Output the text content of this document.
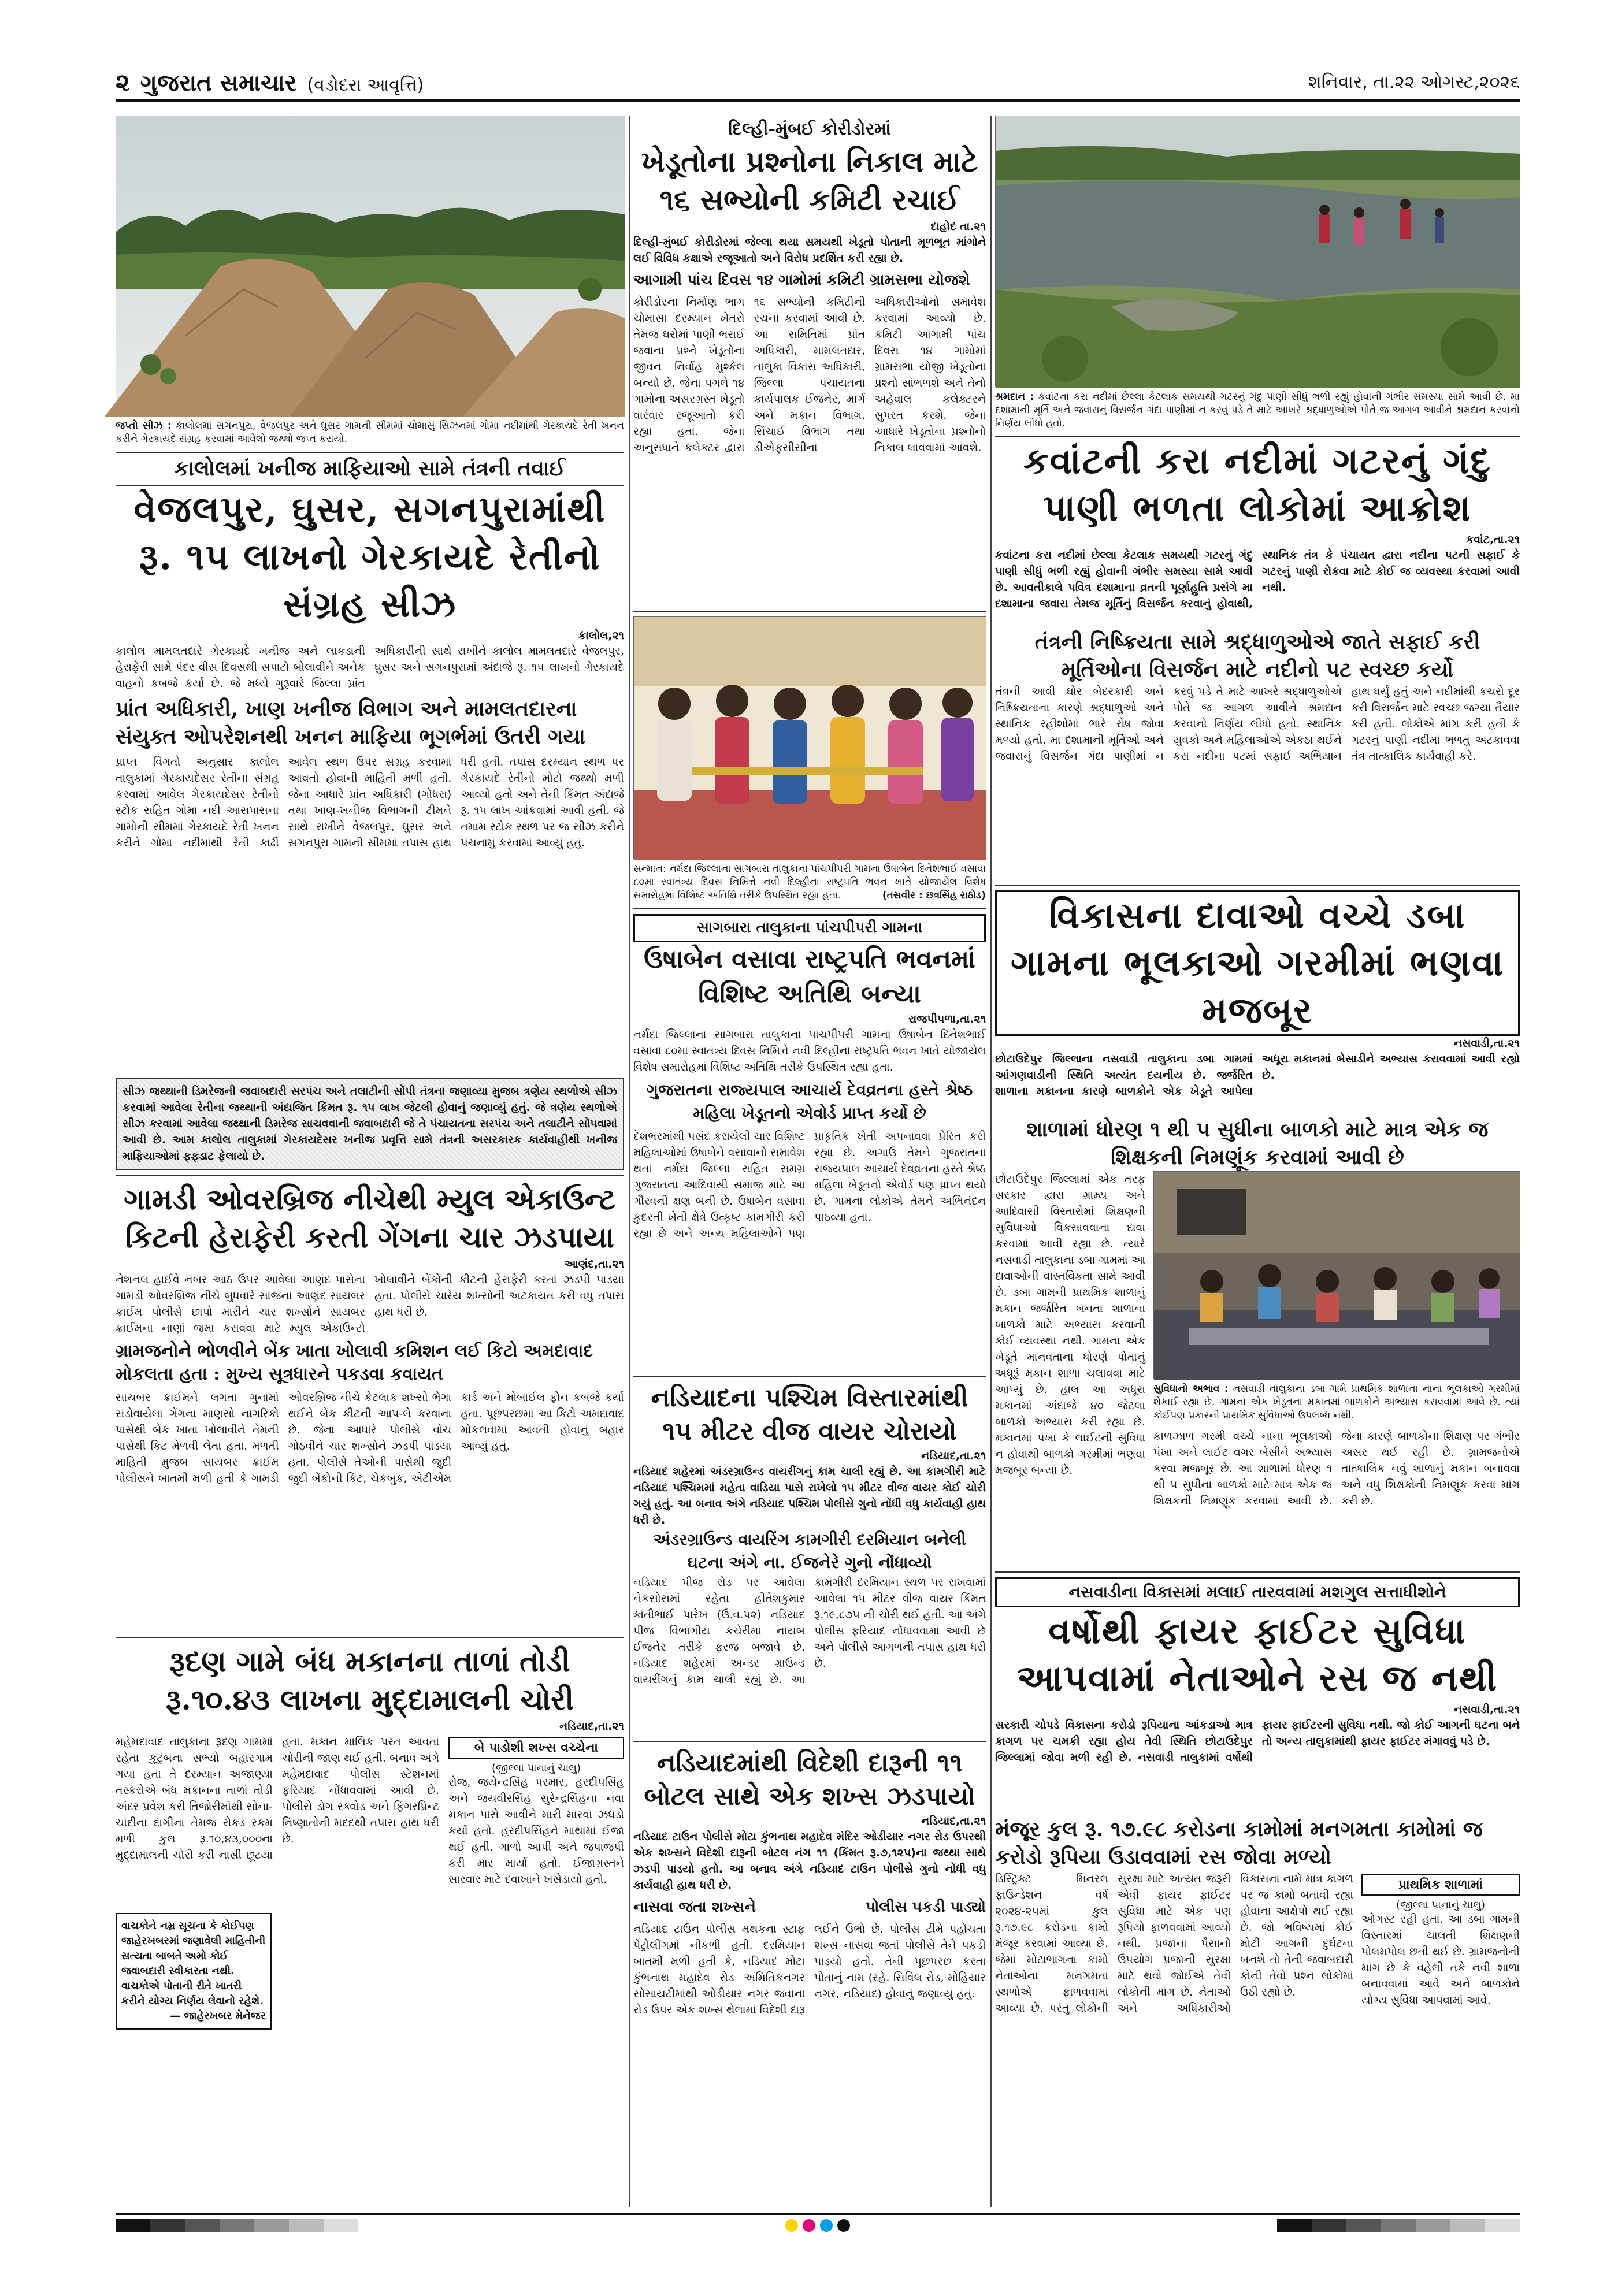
૨ ગુજરાત સમાચાર (વડોદરા આવૃત્તિ)	શનિવાર, તા.૨૨ ઓગસ્ટ,૨૦૨૬
જપ્તો સીઝ : કાલોલમાં સગનપુરા, વેજલપુર અને ઘુસર ગામની સીમમાં ચોમાસું સિઝનમાં ગોમા નદીમાંથી ગેરકાયદે રેતી ખનન કરીને ગેરકાયદે સંગ્રહ કરવામાં આવેલો જથ્થો જપ્ત કરાયો.
કાલોલમાં ખનીજ માફિયાઓ સામે તંત્રની તવાઈ
વેજલપુર, ઘુસર, સગનપુરામાંથી રૂ. ૧૫ લાખનો ગેરકાયદે રેતીનો સંગ્રહ સીઝ
કાલોલ,૨૧
કાલોલ મામલતદારે ગેરકાયદે ખનીજ અને લાકડાની હેરાફેરી સામે પંદર વીસ દિવસથી સપાટો બોલાવીને અનેક વાહનો કબજે કર્યા છે. જે મધ્યે ગુરૂવારે જિલ્લા પ્રાંત અધિકારીની સાથે રાખીને કાલોલ મામલતદારે વેજલપુર, ઘુસર અને સગનપુરામાં અંદાજે રૂ. ૧૫ લાખનો ગેરકાયદે
પ્રાંત અધિકારી, ખાણ ખનીજ વિભાગ અને મામલતદારના સંયુક્ત ઓપરેશનથી ખનન માફિયા ભૂગર્ભમાં ઉતરી ગયા
પ્રાપ્ત વિગતો અનુસાર કાલોલ તાલુકામાં ગેરકાયદેસર રેતીના સંગ્રહ કરવામાં આવેલ ગેરકાયદેસર રેતીનો સ્ટોક સહિત ગોમા નદી આસપાસના ગામોની સીમમાં ગેરકાયદે રેતી ખનન કરીને ગોમા નદીમાંથી રેતી કાઢી આવેલ સ્થળ ઉપર સંગ્રહ કરવામાં આવતો હોવાની માહિતી મળી હતી. જેના આધારે પ્રાંત અધિકારી (ગોધરા) તથા ખાણ-ખનીજ વિભાગની ટીમને સાથે રાખીને વેજલપુર, ઘુસર અને સગનપુરા ગામની સીમમાં તપાસ હાથ ધરી હતી. તપાસ દરમ્યાન સ્થળ પર ગેરકાયદે રેતીનો મોટો જથ્થો મળી આવ્યો હતો અને તેની કિંમત અંદાજે રૂ. ૧૫ લાખ આંકવામાં આવી હતી. જે તમામ સ્ટોક સ્થળ પર જ સીઝ કરીને પંચનામું કરવામાં આવ્યું હતું.
સીઝ જથ્થાની ડિમરેજની જવાબદારી સરપંચ અને તલાટીની સોંપી તંત્રના જણાવ્યા મુજબ ત્રણેય સ્થળોએ સીઝ કરવામાં આવેલા રેતીના જથ્થાની અંદાજિત કિંમત રૂ. ૧૫ લાખ જેટલી હોવાનું જણાવ્યું હતું. જે ત્રણેય સ્થળોએ સીઝ કરવામાં આવેલા જથ્થાની ડિમરેજ સાચવવાની જવાબદારી જે તે પંચાયતના સરપંચ અને તલાટીને સોંપવામાં આવી છે. આમ કાલોલ તાલુકામાં ગેરકાયદેસર ખનીજ પ્રવૃત્તિ સામે તંત્રની અસરકારક કાર્યવાહીથી ખનીજ માફિયાઓમાં ફફડાટ ફેલાયો છે.
ગામડી ઓવરબ્રિજ નીચેથી મ્યુલ એકાઉન્ટ કિટની હેરાફેરી કરતી ગેંગના ચાર ઝડપાયા
આણંદ,તા.૨૧
નેશનલ હાઈવે નંબર આઠ ઉપર આવેલા આણંદ પાસેના ગામડી ઓવરબ્રિજ નીચે બુધવારે સાંજના આણંદ સાયબર ક્રાઈમ પોલીસે છાપો મારીને ચાર શખ્સોને સાયબર ક્રાઈમના નાણાં જમા કરાવવા માટે મ્યુલ એકાઉન્ટો ખોલાવીને બેંકોની કીટની હેરાફેરી કરતાં ઝડપી પાડયા હતા. પોલીસે ચારેય શખ્સોની અટકાયત કરી વધુ તપાસ હાથ ધરી છે.
ગ્રામજનોને ભોળવીને બેંક ખાતા ખોલાવી કમિશન લઈ કિટો અમદાવાદ મોકલતા હતા : મુખ્ય સૂત્રધારને પકડવા કવાયત
સાયબર ક્રાઈમને લગતા ગુનામાં સંડોવાયેલા ગેંગના માણસો નાગરિકો પાસેથી બેંક ખાતા ખોલાવીને તેમની પાસેથી કિટ મેળવી લેતા હતા. મળતી માહિતી મુજબ સાયબર ક્રાઈમ પોલીસને બાતમી મળી હતી કે ગામડી ઓવરબ્રિજ નીચે કેટલાક શખ્સો ભેગા થઈને બેંક કીટની આપ-લે કરવાના છે. જેના આધારે પોલીસે વોચ ગોઠવીને ચાર શખ્સોને ઝડપી પાડયા હતા. પોલીસે તેઓની પાસેથી જુદી જુદી બેંકોની કિટ, ચેકબુક, એટીએમ કાર્ડ અને મોબાઈલ ફોન કબજે કર્યા હતા. પૂછપરછમાં આ કિટો અમદાવાદ મોકલવામાં આવતી હોવાનું બહાર આવ્યું હતું.
રૂદણ ગામે બંધ મકાનના તાળાં તોડી રૂ.૧૦.૪૩ લાખના મુદ્દામાલની ચોરી
નડિયાદ,તા.૨૧
મહેમદાવાદ તાલુકાના રૂદણ ગામમાં રહેતા કુટુંબના સભ્યો બહારગામ ગયા હતા તે દરમ્યાન અજાણ્યા તસ્કરોએ બંધ મકાનના તાળાં તોડી અંદર પ્રવેશ કરી તિજોરીમાંથી સોના-ચાંદીના દાગીના તેમજ રોકડ રકમ મળી કુલ રૂ.૧૦,૪૩,૦૦૦ના મુદ્દામાલની ચોરી કરી નાસી છૂટયા હતા. મકાન માલિક પરત આવતાં ચોરીની જાણ થઈ હતી. બનાવ અંગે મહેમદાવાદ પોલીસ સ્ટેશનમાં ફરિયાદ નોંધાવવામાં આવી છે. પોલીસે ડોગ સ્ક્વોડ અને ફિંગરપ્રિન્ટ નિષ્ણાતોની મદદથી તપાસ હાથ ધરી છે.
બે પાડોશી શખ્સ વચ્ચેના
(જીલ્લા પાનાનું ચાલુ)
રોજ, જયેન્દ્રસિંહ પરમાર, હરદીપસિંહ અને જયવીરસિંહ સુરેન્દ્રસિંહના નવા મકાન પાસે આવીને મારી મારવા ઝઘડો કર્યો હતો. હરદીપસિંહને માથામાં ઈજા થઈ હતી. ગાળો આપી અને જપાજપી કરી માર માર્યો હતો. ઈજાગ્રસ્તને સારવાર માટે દવાખાને ખસેડાયો હતો.
વાચકોને નમ્ર સૂચના કે કોઈપણ જાહેરખબરમાં જણાવેલી માહિતીની સત્યતા બાબતે અમો કોઈ જવાબદારી સ્વીકારતા નથી. વાચકોએ પોતાની રીતે ખાતરી કરીને યોગ્ય નિર્ણય લેવાનો રહેશે.
— જાહેરખબર મેનેજર
દિલ્હી-મુંબઈ કોરીડોરમાં
ખેડૂતોના પ્રશ્નોના નિકાલ માટે ૧૬ સભ્યોની કમિટી રચાઈ
દાહોદ તા.૨૧
દિલ્હી-મુંબઈ કોરીડોરમાં જેલ્લા થયા સમયથી ખેડૂતો પોતાની મૂળભૂત માંગોને લઈ વિવિધ કક્ષાએ રજૂઆતો અને વિરોધ પ્રદર્શિત કરી રહ્યા છે.
આગામી પાંચ દિવસ ૧૪ ગામોમાં કમિટી ગ્રામસભા યોજશે
કોરીડોરના નિર્માણ ભાગ ચોમાસા દરમ્યાન ખેતરો તેમજ ઘરોમાં પાણી ભરાઈ જવાના પ્રશ્ને ખેડૂતોના જીવન નિર્વાહ મુશ્કેલ બન્યો છે. જેના પગલે ૧૪ ગામોના અસરગ્રસ્ત ખેડૂતો વારંવાર રજૂઆતો કરી રહ્યા હતા. જેના અનુસંધાને કલેક્ટર દ્વારા ૧૬ સભ્યોની કમિટીની રચના કરવામાં આવી છે. આ સમિતિમાં પ્રાંત અધિકારી, મામલતદાર, તાલુકા વિકાસ અધિકારી, જિલ્લા પંચાયતના કાર્યપાલક ઈજનેર, માર્ગ અને મકાન વિભાગ, સિંચાઈ વિભાગ તથા ડીએફસીસીના અધિકારીઓનો સમાવેશ કરવામાં આવ્યો છે. કમિટી આગામી પાંચ દિવસ ૧૪ ગામોમાં ગ્રામસભા યોજી ખેડૂતોના પ્રશ્નો સાંભળશે અને તેનો અહેવાલ કલેક્ટરને સુપરત કરશે. જેના આધારે ખેડૂતોના પ્રશ્નોનો નિકાલ લાવવામાં આવશે.
સન્માન: નર્મદા જિલ્લાના સાગબારા તાલુકાના પાંચપીપરી ગામના ઉષાબેન દિનેશભાઈ વસાવા ૮૦મા સ્વાતંત્ર્ય દિવસ નિમિત્તે નવી દિલ્હીના રાષ્ટ્રપતિ ભવન ખાતે યોજાયેલ વિશેષ સમારોહમાં વિશિષ્ટ અતિથિ તરીકે ઉપસ્થિત રહ્યા હતા.	(તસવીર : છત્રસિંહ રાઠોડ)
સાગબારા તાલુકાના પાંચપીપરી ગામના
ઉષાબેન વસાવા રાષ્ટ્રપતિ ભવનમાં વિશિષ્ટ અતિથિ બન્યા
રાજપીપળા,તા.૨૧
નર્મદા જિલ્લાના સાગબારા તાલુકાના પાંચપીપરી ગામના ઉષાબેન દિનેશભાઈ વસાવા ૮૦મા સ્વાતંત્ર્ય દિવસ નિમિત્તે નવી દિલ્હીના રાષ્ટ્રપતિ ભવન ખાતે યોજાયેલ વિશેષ સમારોહમાં વિશિષ્ટ અતિથિ તરીકે ઉપસ્થિત રહ્યા હતા.
ગુજરાતના રાજ્યપાલ આચાર્ય દેવવ્રતના હસ્તે શ્રેષ્ઠ મહિલા ખેડૂતનો એવોર્ડ પ્રાપ્ત કર્યો છે
દેશભરમાંથી પસંદ કરાયેલી ચાર વિશિષ્ટ મહિલાઓમાં ઉષાબેને વસાવાનો સમાવેશ થતાં નર્મદા જિલ્લા સહિત સમગ્ર ગુજરાતના આદિવાસી સમાજ માટે આ ગૌરવની ક્ષણ બની છે. ઉષાબેન વસાવા કુદરતી ખેતી ક્ષેત્રે ઉત્કૃષ્ટ કામગીરી કરી રહ્યા છે અને અન્ય મહિલાઓને પણ પ્રાકૃતિક ખેતી અપનાવવા પ્રેરિત કરી રહ્યા છે. અગાઉ તેમને ગુજરાતના રાજ્યપાલ આચાર્ય દેવવ્રતના હસ્તે શ્રેષ્ઠ મહિલા ખેડૂતનો એવોર્ડ પણ પ્રાપ્ત થયો છે. ગામના લોકોએ તેમને અભિનંદન પાઠવ્યા હતા.
નડિયાદના પશ્ચિમ વિસ્તારમાંથી ૧૫ મીટર વીજ વાયર ચોરાયો
નડિયાદ,તા.૨૧
નડિયાદ શહેરમાં અંડરગ્રાઉન્ડ વાયરીંગનું કામ ચાલી રહ્યું છે. આ કામગીરી માટે નડિયાદ પશ્ચિમમાં મહેતા વાડિયા પાસે રાખેલો ૧૫ મીટર વીજ વાયર કોઈ ચોરી ગયું હતું. આ બનાવ અંગે નડિયાદ પશ્ચિમ પોલીસે ગુનો નોંધી વધુ કાર્યવાહી હાથ ધરી છે.
અંડરગ્રાઉન્ડ વાયરિંગ કામગીરી દરમિયાન બનેલી ઘટના અંગે ના. ઈજનેરે ગુનો નોંધાવ્યો
નડિયાદ પીજ રોડ પર આવેલા નેકસોસમાં રહેતા હીતેશકુમાર કાંતીભાઈ પારેખ (ઉ.વ.૫૨) નડિયાદ પીજ વિભાગીય કચેરીમાં નાયબ ઈજનેર તરીકે ફરજ બજાવે છે. નડિયાદ શહેરમાં અન્ડર ગ્રાઉન્ડ વાયરીંગનું કામ ચાલી રહ્યું છે. આ કામગીરી દરમિયાન સ્થળ પર રાખવામાં આવેલા ૧૫ મીટર વીજ વાયર કિંમત રૂ.૧૯,૮૭૫ ની ચોરી થઈ હતી. આ અંગે પોલીસ ફરિયાદ નોંધાવવામાં આવી છે અને પોલીસે આગળની તપાસ હાથ ધરી છે.
નડિયાદમાંથી વિદેશી દારૂની ૧૧ બોટલ સાથે એક શખ્સ ઝડપાયો
નડિયાદ,તા.૨૧
નડિયાદ ટાઉન પોલીસે મોટા કુંભનાથ મહાદેવ મંદિર ઓડીયાર નગર રોડ ઉપરથી એક શખ્સને વિદેશી દારૂની બોટલ નંગ ૧૧ (કિંમત રૂ.૭,૧૨૫)ના જથ્થા સાથે ઝડપી પાડયો હતો. આ બનાવ અંગે નડિયાદ ટાઉન પોલીસે ગુનો નોંધી વધુ કાર્યવાહી હાથ ધરી છે.
નાસવા જતા શખ્સને	પોલીસ પકડી પાડ્યો
નડિયાદ ટાઉન પોલીસ મથકના સ્ટાફ પેટ્રોલીંગમાં નીકળી હતી. દરમિયાન બાતમી મળી હતી કે, નડિયાદ મોટા કુંભનાથ મહાદેવ રોડ અમિતિકનગર સોસાયટીમાંથી ઓડીયાર નગર જવાના રોડ ઉપર એક શખ્સ થેલામાં વિદેશી દારૂ લઈને ઉભો છે. પોલીસ ટીમે પહોંચતા શખ્સ નાસવા જતાં પોલીસે તેને પકડી પાડયો હતો. તેની પૂછપરછ કરતા પોતાનું નામ (રહે. સિવિલ રોડ, મોહિયાર નગર, નડિયાદ) હોવાનું જણાવ્યું હતું.
શ્રમદાન : કવાંટના કરા નદીમાં છેલ્લા કેટલાક સમયથી ગટરનું ગંદુ પાણી સીધું ભળી રહ્યું હોવાની ગંભીર સમસ્યા સામે આવી છે. મા દશામાની મૂર્તિ અને જવારાનું વિસર્જન ગંદા પાણીમાં ન કરવું પડે તે માટે આખરે શ્રદ્ધાળુઓએ પોતે જ આગળ આવીને શ્રમદાન કરવાનો નિર્ણય લીધો હતો.
કવાંટની કરા નદીમાં ગટરનું ગંદુ પાણી ભળતા લોકોમાં આક્રોશ
કવાંટ,તા.૨૧
કવાંટના કરા નદીમાં છેલ્લા કેટલાક સમયથી ગટરનું ગંદુ પાણી સીધું ભળી રહ્યું હોવાની ગંભીર સમસ્યા સામે આવી છે. આવતીકાલે પવિત્ર દશામાના વ્રતની પૂર્ણાહુતિ પ્રસંગે મા દશામાના જવારા તેમજ મૂર્તિનું વિસર્જન કરવાનું હોવાથી, સ્થાનિક તંત્ર કે પંચાયત દ્વારા નદીના પટની સફાઈ કે ગટરનું પાણી રોકવા માટે કોઈ જ વ્યવસ્થા કરવામાં આવી નથી.
તંત્રની નિષ્ક્રિયતા સામે શ્રદ્ધાળુઓએ જાતે સફાઈ કરી મૂર્તિઓના વિસર્જન માટે નદીનો પટ સ્વચ્છ કર્યો
તંત્રની આવી ઘોર બેદરકારી અને નિષ્ક્રિયતાના કારણે શ્રદ્ધાળુઓ અને સ્થાનિક રહીશોમાં ભારે રોષ જોવા મળ્યો હતો. મા દશામાની મૂર્તિઓ અને જવારાનું વિસર્જન ગંદા પાણીમાં ન કરવું પડે તે માટે આખરે શ્રદ્ધાળુઓએ પોતે જ આગળ આવીને શ્રમદાન કરવાનો નિર્ણય લીધો હતો. સ્થાનિક યુવકો અને મહિલાઓએ એકઠા થઈને કરા નદીના પટમાં સફાઈ અભિયાન હાથ ધર્યું હતું અને નદીમાંથી કચરો દૂર કરી વિસર્જન માટે સ્વચ્છ જગ્યા તૈયાર કરી હતી. લોકોએ માંગ કરી હતી કે ગટરનું પાણી નદીમાં ભળતું અટકાવવા તંત્ર તાત્કાલિક કાર્યવાહી કરે.
વિકાસના દાવાઓ વચ્ચે ડબા ગામના ભૂલકાઓ ગરમીમાં ભણવા મજબૂર
નસવાડી,તા.૨૧
છોટાઉદેપુર જિલ્લાના નસવાડી તાલુકાના ડબા ગામમાં આંગણવાડીની સ્થિતિ અત્યંત દયનીય છે. જર્જરિત શાળાના મકાનના કારણે બાળકોને એક ખેડૂતે આપેલા અધૂરા મકાનમાં બેસાડીને અભ્યાસ કરાવવામાં આવી રહ્યો છે.
શાળામાં ધોરણ ૧ થી ૫ સુધીના બાળકો માટે માત્ર એક જ શિક્ષકની નિમણૂંક કરવામાં આવી છે
છોટાઉદેપુર જિલ્લામાં એક તરફ સરકાર દ્વારા ગ્રામ્ય અને આદિવાસી વિસ્તારોમાં શિક્ષણની સુવિધાઓ વિકસાવવાના દાવા કરવામાં આવી રહ્યા છે. ત્યારે નસવાડી તાલુકાના ડબા ગામમાં આ દાવાઓની વાસ્તવિકતા સામે આવી છે. ડબા ગામની પ્રાથમિક શાળાનું મકાન જર્જરિત બનતા શાળાના બાળકો માટે અભ્યાસ કરવાની કોઈ વ્યવસ્થા નથી. ગામના એક ખેડૂતે માનવતાના ધોરણે પોતાનું અધૂરૂં મકાન શાળા ચલાવવા માટે આપ્યું છે. હાલ આ અધૂરા મકાનમાં અંદાજે ૪૦ જેટલા બાળકો અભ્યાસ કરી રહ્યા છે. મકાનમાં પંખા કે લાઈટની સુવિધા ન હોવાથી બાળકો ગરમીમાં ભણવા મજબૂર બન્યા છે.
સુવિધાનો અભાવ : નસવાડી તાલુકાના ડબા ગામે પ્રાથમિક શાળાના નાના ભૂલકાઓ ગરમીમાં શેકાઈ રહ્યા છે. ગામના એક ખેડૂતના મકાનમાં બાળકોને અભ્યાસ કરાવવામાં આવે છે. ત્યાં કોઈપણ પ્રકારની પ્રાથમિક સુવિધાઓ ઉપલબ્ધ નથી.
કાળઝાળ ગરમી વચ્ચે નાના ભૂલકાઓ પંખા અને લાઈટ વગર બેસીને અભ્યાસ કરવા મજબૂર છે. આ શાળામાં ધોરણ ૧ થી ૫ સુધીના બાળકો માટે માત્ર એક જ શિક્ષકની નિમણૂંક કરવામાં આવી છે. જેના કારણે બાળકોના શિક્ષણ પર ગંભીર અસર થઈ રહી છે. ગ્રામજનોએ તાત્કાલિક નવું શાળાનું મકાન બનાવવા અને વધુ શિક્ષકોની નિમણૂંક કરવા માંગ કરી છે.
નસવાડીના વિકાસમાં મલાઈ તારવવામાં મશગુલ સત્તાધીશોને
વર્ષોથી ફાયર ફાઈટર સુવિધા આપવામાં નેતાઓને રસ જ નથી
નસવાડી,તા.૨૧
સરકારી ચોપડે વિકાસના કરોડો રૂપિયાના આંકડાઓ માત્ર કાગળ પર ચમકી રહ્યા હોય તેવી સ્થિતિ છોટાઉદેપુર જિલ્લામાં જોવા મળી રહી છે. નસવાડી તાલુકામાં વર્ષોથી ફાયર ફાઈટરની સુવિધા નથી. જો કોઈ આગની ઘટના બને તો અન્ય તાલુકામાંથી ફાયર ફાઈટર મંગાવવું પડે છે.
મંજૂર કુલ રૂ. ૧૭.૯૮ કરોડના કામોમાં મનગમતા કામોમાં જ કરોડો રૂપિયા ઉડાવવામાં રસ જોવા મળ્યો
ડિસ્ટ્રિક્ટ મિનરલ ફાઉન્ડેશન વર્ષ ૨૦૨૪-૨૫માં કુલ રૂ.૧૭.૯૮ કરોડના કામો મંજૂર કરવામાં આવ્યા છે. જેમાં મોટાભાગના કામો નેતાઓના મનગમતા સ્થળોએ ફાળવવામાં આવ્યા છે. પરંતુ લોકોની સુરક્ષા માટે અત્યંત જરૂરી એવી ફાયર ફાઈટર સુવિધા માટે એક પણ રૂપિયો ફાળવવામાં આવ્યો નથી. પ્રજાના પૈસાનો ઉપયોગ પ્રજાની સુરક્ષા માટે થવો જોઈએ તેવી લોકોની માંગ છે. નેતાઓ અને અધિકારીઓ વિકાસના નામે માત્ર કાગળ પર જ કામો બતાવી રહ્યા હોવાના આક્ષેપો થઈ રહ્યા છે. જો ભવિષ્યમાં કોઈ મોટી આગની દુર્ઘટના બનશે તો તેની જવાબદારી કોની તેવો પ્રશ્ન લોકોમાં ઉઠી રહ્યો છે.
પ્રાથમિક શાળામાં
(જીલ્લા પાનાનું ચાલુ)
ઓગસ્ટ રહી હતા. આ ડબા ગામની વિસ્તારમાં ચાલતી શિક્ષણની પોલમપોલ છતી થઈ છે. ગ્રામજનોની માંગ છે કે વહેલી તકે નવી શાળા બનાવવામાં આવે અને બાળકોને યોગ્ય સુવિધા આપવામાં આવે.
